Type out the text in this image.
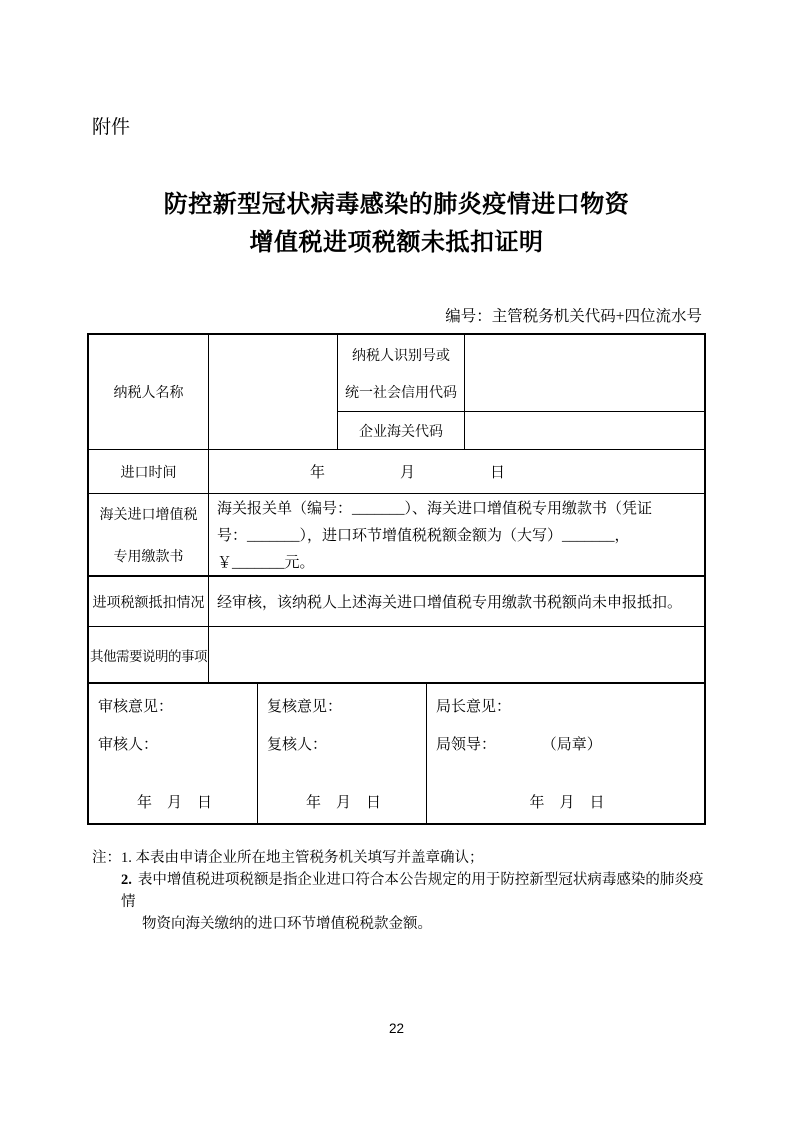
附件
防控新型冠状病毒感染的肺炎疫情进口物资
增值税进项税额未抵扣证明
编号：主管税务机关代码+四位流水号
纳税人名称
纳税人识别号或
统一社会信用代码
企业海关代码
进口时间	年　　　　　月　　　　　日
海关进口增值税
专用缴款书
海关报关单（编号：_______）、海关进口增值税专用缴款书（凭证
号：_______），进口环节增值税税额金额为（大写）_______，
￥_______元。
进项税额抵扣情况 经审核，该纳税人上述海关进口增值税专用缴款书税额尚未申报抵扣。
其他需要说明的事项
审核意见：
审核人：
年　月　日
复核意见：
复核人：
年　月　日
局长意见：
局领导：	（局章）
年　月　日
注：1. 本表由申请企业所在地主管税务机关填写并盖章确认；
2. 表中增值税进项税额是指企业进口符合本公告规定的用于防控新型冠状病毒感染的肺炎疫情
物资向海关缴纳的进口环节增值税税款金额。
22
